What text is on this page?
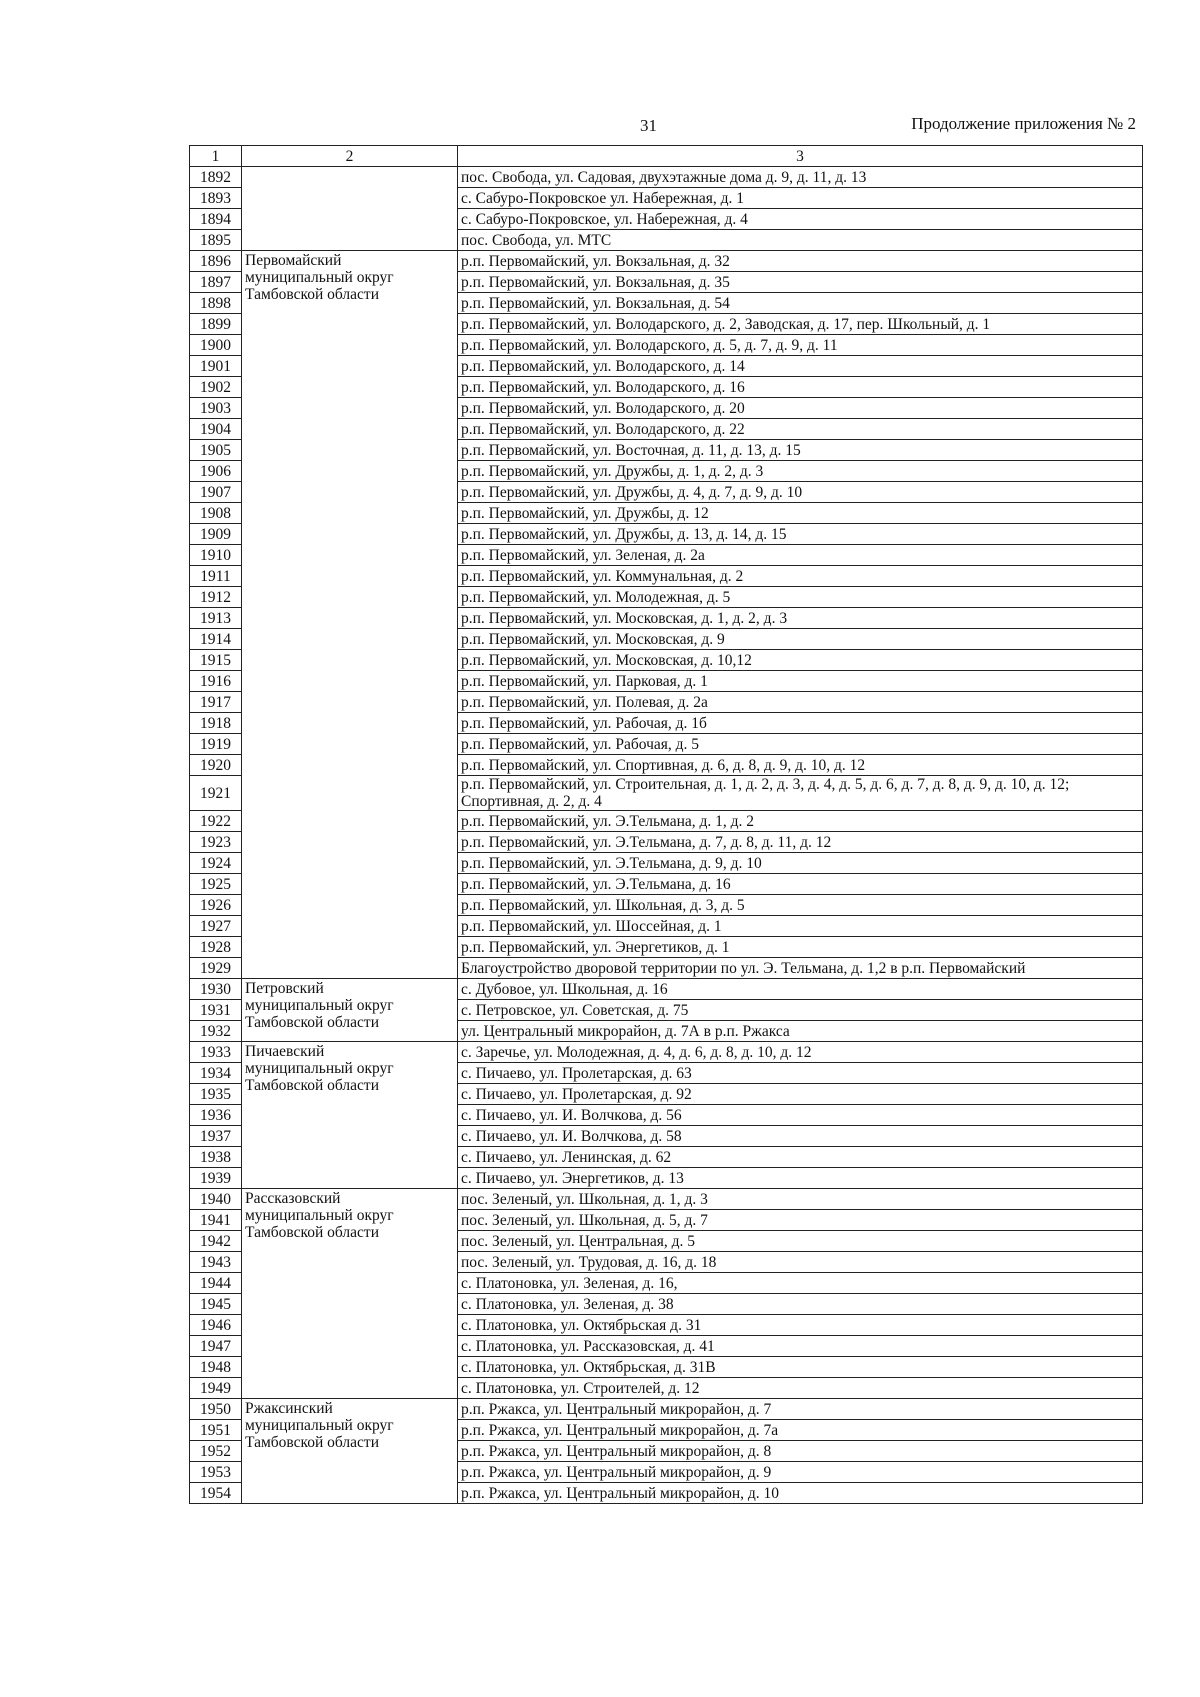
31	Продолжение приложения № 2
1	2	3
1892		пос. Свобода, ул. Садовая, двухэтажные дома д. 9, д. 11, д. 13
1893		с. Сабуро-Покровское ул. Набережная, д. 1
1894		с. Сабуро-Покровское, ул. Набережная, д. 4
1895		пос. Свобода, ул. МТС
1896	Первомайский
муниципальный округ
Тамбовской области	р.п. Первомайский, ул. Вокзальная, д. 32
1897		р.п. Первомайский, ул. Вокзальная, д. 35
1898		р.п. Первомайский, ул. Вокзальная, д. 54
1899		р.п. Первомайский, ул. Володарского, д. 2, Заводская, д. 17, пер. Школьный, д. 1
1900		р.п. Первомайский, ул. Володарского, д. 5, д. 7, д. 9, д. 11
1901		р.п. Первомайский, ул. Володарского, д. 14
1902		р.п. Первомайский, ул. Володарского, д. 16
1903		р.п. Первомайский, ул. Володарского, д. 20
1904		р.п. Первомайский, ул. Володарского, д. 22
1905		р.п. Первомайский, ул. Восточная, д. 11, д. 13, д. 15
1906		р.п. Первомайский, ул. Дружбы, д. 1, д. 2, д. 3
1907		р.п. Первомайский, ул. Дружбы, д. 4, д. 7, д. 9, д. 10
1908		р.п. Первомайский, ул. Дружбы, д. 12
1909		р.п. Первомайский, ул. Дружбы, д. 13, д. 14, д. 15
1910		р.п. Первомайский, ул. Зеленая, д. 2а
1911		р.п. Первомайский, ул. Коммунальная, д. 2
1912		р.п. Первомайский, ул. Молодежная, д. 5
1913		р.п. Первомайский, ул. Московская, д. 1, д. 2, д. 3
1914		р.п. Первомайский, ул. Московская, д. 9
1915		р.п. Первомайский, ул. Московская, д. 10,12
1916		р.п. Первомайский, ул. Парковая, д. 1
1917		р.п. Первомайский, ул. Полевая, д. 2а
1918		р.п. Первомайский, ул. Рабочая, д. 1б
1919		р.п. Первомайский, ул. Рабочая, д. 5
1920		р.п. Первомайский, ул. Спортивная, д. 6, д. 8, д. 9, д. 10, д. 12
1921		р.п. Первомайский, ул. Строительная, д. 1, д. 2, д. 3, д. 4, д. 5, д. 6, д. 7, д. 8, д. 9, д. 10, д. 12; Спортивная, д. 2, д. 4
1922		р.п. Первомайский, ул. Э.Тельмана, д. 1, д. 2
1923		р.п. Первомайский, ул. Э.Тельмана, д. 7, д. 8, д. 11, д. 12
1924		р.п. Первомайский, ул. Э.Тельмана, д. 9, д. 10
1925		р.п. Первомайский, ул. Э.Тельмана, д. 16
1926		р.п. Первомайский, ул. Школьная, д. 3, д. 5
1927		р.п. Первомайский, ул. Шоссейная, д. 1
1928		р.п. Первомайский, ул. Энергетиков, д. 1
1929		Благоустройство дворовой территории по ул. Э. Тельмана, д. 1,2 в р.п. Первомайский
1930	Петровский
муниципальный округ
Тамбовской области	с. Дубовое, ул. Школьная, д. 16
1931		с. Петровское, ул. Советская, д. 75
1932		ул. Центральный микрорайон, д. 7А в р.п. Ржакса
1933	Пичаевский
муниципальный округ
Тамбовской области	с. Заречье, ул. Молодежная, д. 4, д. 6, д. 8, д. 10, д. 12
1934		с. Пичаево, ул. Пролетарская, д. 63
1935		с. Пичаево, ул. Пролетарская, д. 92
1936		с. Пичаево, ул. И. Волчкова, д. 56
1937		с. Пичаево, ул. И. Волчкова, д. 58
1938		с. Пичаево, ул. Ленинская, д. 62
1939		с. Пичаево, ул. Энергетиков, д. 13
1940	Рассказовский
муниципальный округ
Тамбовской области	пос. Зеленый, ул. Школьная, д. 1, д. 3
1941		пос. Зеленый, ул. Школьная, д. 5, д. 7
1942		пос. Зеленый, ул. Центральная, д. 5
1943		пос. Зеленый, ул. Трудовая, д. 16, д. 18
1944		с. Платоновка, ул. Зеленая, д. 16,
1945		с. Платоновка, ул. Зеленая, д. 38
1946		с. Платоновка, ул. Октябрьская д. 31
1947		с. Платоновка, ул. Рассказовская, д. 41
1948		с. Платоновка, ул. Октябрьская, д. 31В
1949		с. Платоновка, ул. Строителей, д. 12
1950	Ржаксинский
муниципальный округ
Тамбовской области	р.п. Ржакса, ул. Центральный микрорайон, д. 7
1951		р.п. Ржакса, ул. Центральный микрорайон, д. 7а
1952		р.п. Ржакса, ул. Центральный микрорайон, д. 8
1953		р.п. Ржакса, ул. Центральный микрорайон, д. 9
1954		р.п. Ржакса, ул. Центральный микрорайон, д. 10
